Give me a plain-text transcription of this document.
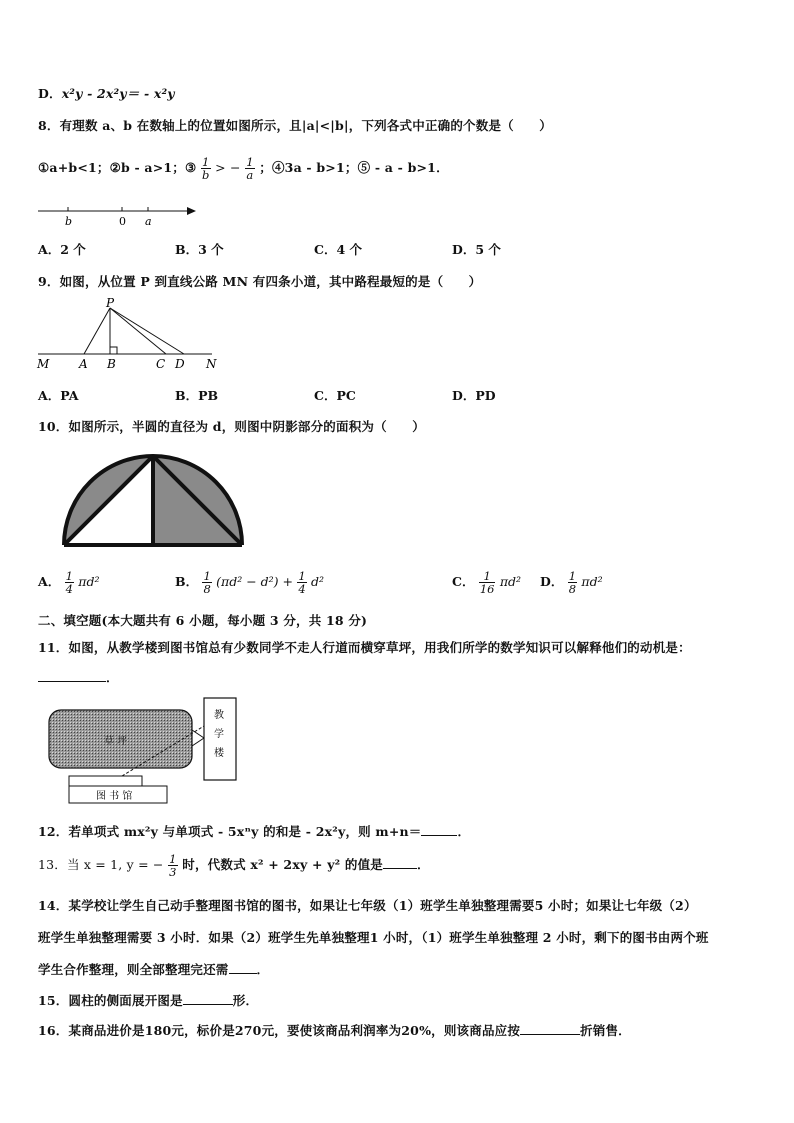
D．x²y - 2x²y＝ - x²y
8．有理数 a、b 在数轴上的位置如图所示，且|a|<|b|，下列各式中正确的个数是（　　）
①a+b<1；②b - a>1；③ $\frac{1}{b}$ > − $\frac{1}{a}$ ；④3a - b>1；⑤ - a - b>1．
b	0 a
A．2 个	B．3 个	C．4 个	D．5 个
9．如图，从位置 P 到直线公路 MN 有四条小道，其中路程最短的是（　　）
P
M A B	C D N
A．PA	B．PB	C．PC	D．PD
10．如图所示，半圆的直径为 d，则图中阴影部分的面积为（　　）
A． $\frac{1}{4} \pi d^2$	B． $\frac{1}{8} (\pi d^2 - d^2) + \frac{1}{4} d^2$	C． $\frac{1}{16} \pi d^2$ D． $\frac{1}{8} \pi d^2$
二、填空题(本大题共有 6 小题，每小题 3 分，共 18 分)
11．如图，从教学楼到图书馆总有少数同学不走人行道而横穿草坪，用我们所学的数学知识可以解释他们的动机是：
．
草 坪
教
学
楼
图 书 馆
12．若单项式 mx²y 与单项式 - 5xⁿy 的和是 - 2x²y，则 m+n＝	．
13．当 x = 1, y = − $\frac{1}{3}$ 时，代数式 x² + 2xy + y² 的值是	．
14．某学校让学生自己动手整理图书馆的图书，如果让七年级（1）班学生单独整理需要5 小时；如果让七年级（2）
班学生单独整理需要 3 小时．如果（2）班学生先单独整理1 小时，（1）班学生单独整理 2 小时，剩下的图书由两个班
学生合作整理，则全部整理完还需 ．
15．圆柱的侧面展开图是	形．
16．某商品进价是180元，标价是270元，要使该商品利润率为20%，则该商品应按	折销售．
